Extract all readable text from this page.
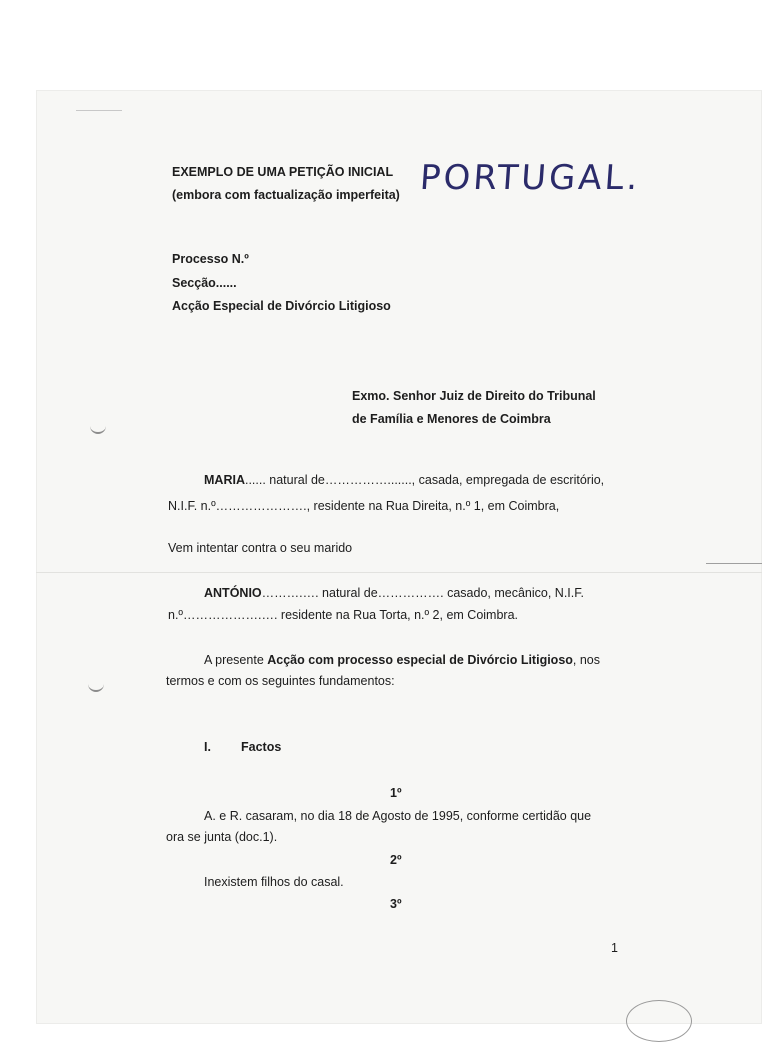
EXEMPLO DE UMA PETIÇÃO INICIAL
(embora com factualização imperfeita) PORTUGAL.
Processo N.º
Secção......
Acção Especial de Divórcio Litigioso
Exmo. Senhor Juiz de Direito do Tribunal
de Família e Menores de Coimbra
MARIA...... natural de……………......., casada, empregada de escritório,
N.I.F. n.º…………………., residente na Rua Direita, n.º 1, em Coimbra,
Vem intentar contra o seu marido
ANTÓNIO……….…. natural de……………. casado, mecânico, N.I.F.
n.º……………….…. residente na Rua Torta, n.º 2, em Coimbra.
A presente Acção com processo especial de Divórcio Litigioso, nos
termos e com os seguintes fundamentos:
I. Factos
1º
A. e R. casaram, no dia 18 de Agosto de 1995, conforme certidão que
ora se junta (doc.1).
2º
Inexistem filhos do casal.
3º
1
